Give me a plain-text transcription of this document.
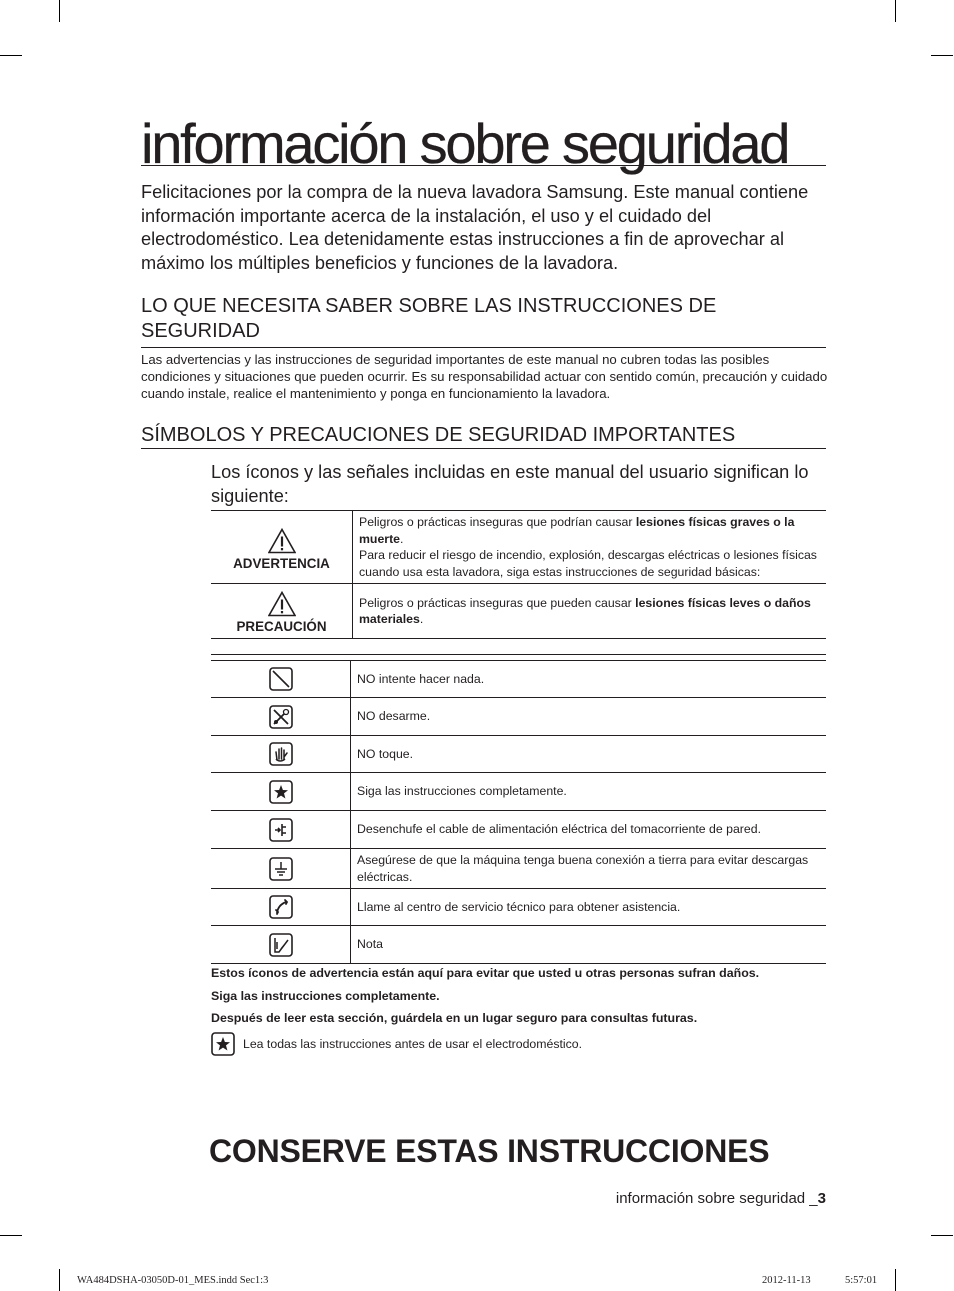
información sobre seguridad
Felicitaciones por la compra de la nueva lavadora Samsung. Este manual contiene información importante acerca de la instalación, el uso y el cuidado del electrodoméstico. Lea detenidamente estas instrucciones a fin de aprovechar al máximo los múltiples beneficios y funciones de la lavadora.
LO QUE NECESITA SABER SOBRE LAS INSTRUCCIONES DE SEGURIDAD
Las advertencias y las instrucciones de seguridad importantes de este manual no cubren todas las posibles condiciones y situaciones que pueden ocurrir. Es su responsabilidad actuar con sentido común, precaución y cuidado cuando instale, realice el mantenimiento y ponga en funcionamiento la lavadora.
SÍMBOLOS Y PRECAUCIONES DE SEGURIDAD IMPORTANTES
Los íconos y las señales incluidas en este manual del usuario significan lo siguiente:
ADVERTENCIA	Peligros o prácticas inseguras que podrían causar lesiones físicas graves o la muerte.
Para reducir el riesgo de incendio, explosión, descargas eléctricas o lesiones físicas cuando usa esta lavadora, siga estas instrucciones de seguridad básicas:

PRECAUCIÓN	Peligros o prácticas inseguras que pueden causar lesiones físicas leves o daños materiales.

	NO intente hacer nada.

	NO desarme.

	NO toque.

	Siga las instrucciones completamente.

	Desenchufe el cable de alimentación eléctrica del tomacorriente de pared.

	Asegúrese de que la máquina tenga buena conexión a tierra para evitar descargas eléctricas.

	Llame al centro de servicio técnico para obtener asistencia.

	Nota
Estos íconos de advertencia están aquí para evitar que usted u otras personas sufran daños.
Siga las instrucciones completamente.
Después de leer esta sección, guárdela en un lugar seguro para consultas futuras.
Lea todas las instrucciones antes de usar el electrodoméstico.
CONSERVE ESTAS INSTRUCCIONES
información sobre seguridad _3
WA484DSHA-03050D-01_MES.indd Sec1:3	2012-11-13	5:57:01
